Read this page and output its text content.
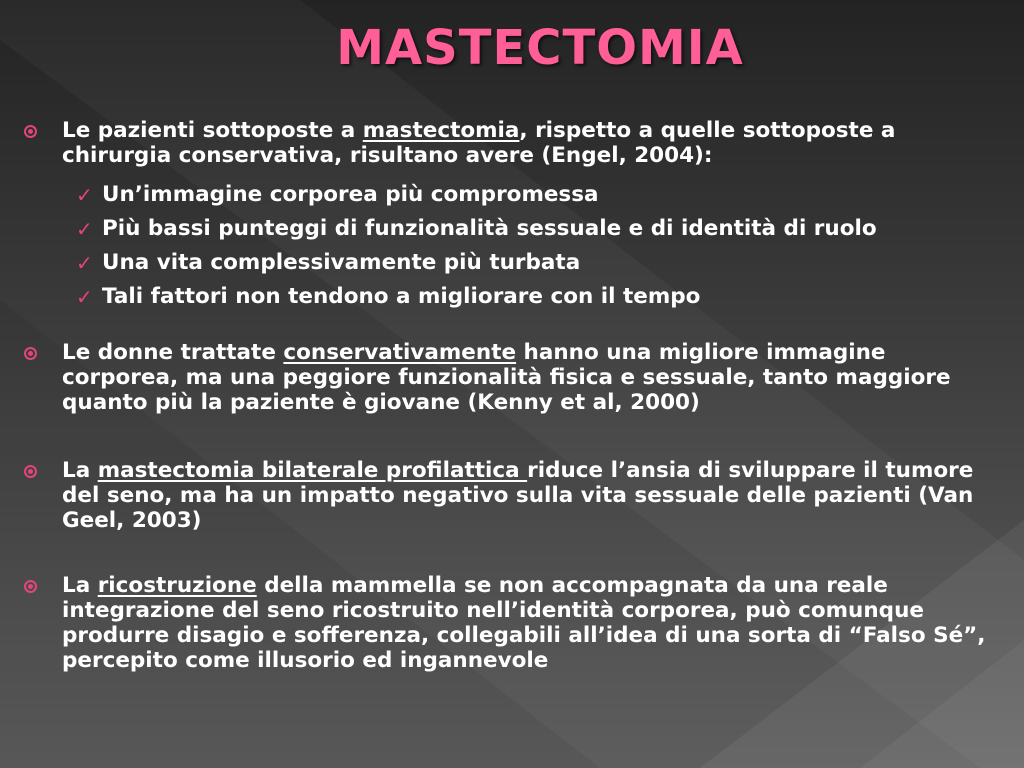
MASTECTOMIA
Le pazienti sottoposte a mastectomia, rispetto a quelle sottoposte a chirurgia conservativa, risultano avere (Engel, 2004):
✓ Un’immagine corporea più compromessa
✓ Più bassi punteggi di funzionalità sessuale e di identità di ruolo
✓ Una vita complessivamente più turbata
✓ Tali fattori non tendono a migliorare con il tempo
Le donne trattate conservativamente hanno una migliore immagine corporea, ma una peggiore funzionalità fisica e sessuale, tanto maggiore quanto più la paziente è giovane (Kenny et al, 2000)
La mastectomia bilaterale profilattica riduce l’ansia di sviluppare il tumore del seno, ma ha un impatto negativo sulla vita sessuale delle pazienti (Van Geel, 2003)
La ricostruzione della mammella se non accompagnata da una reale integrazione del seno ricostruito nell’identità corporea, può comunque produrre disagio e sofferenza, collegabili all’idea di una sorta di “Falso Sé”, percepito come illusorio ed ingannevole
